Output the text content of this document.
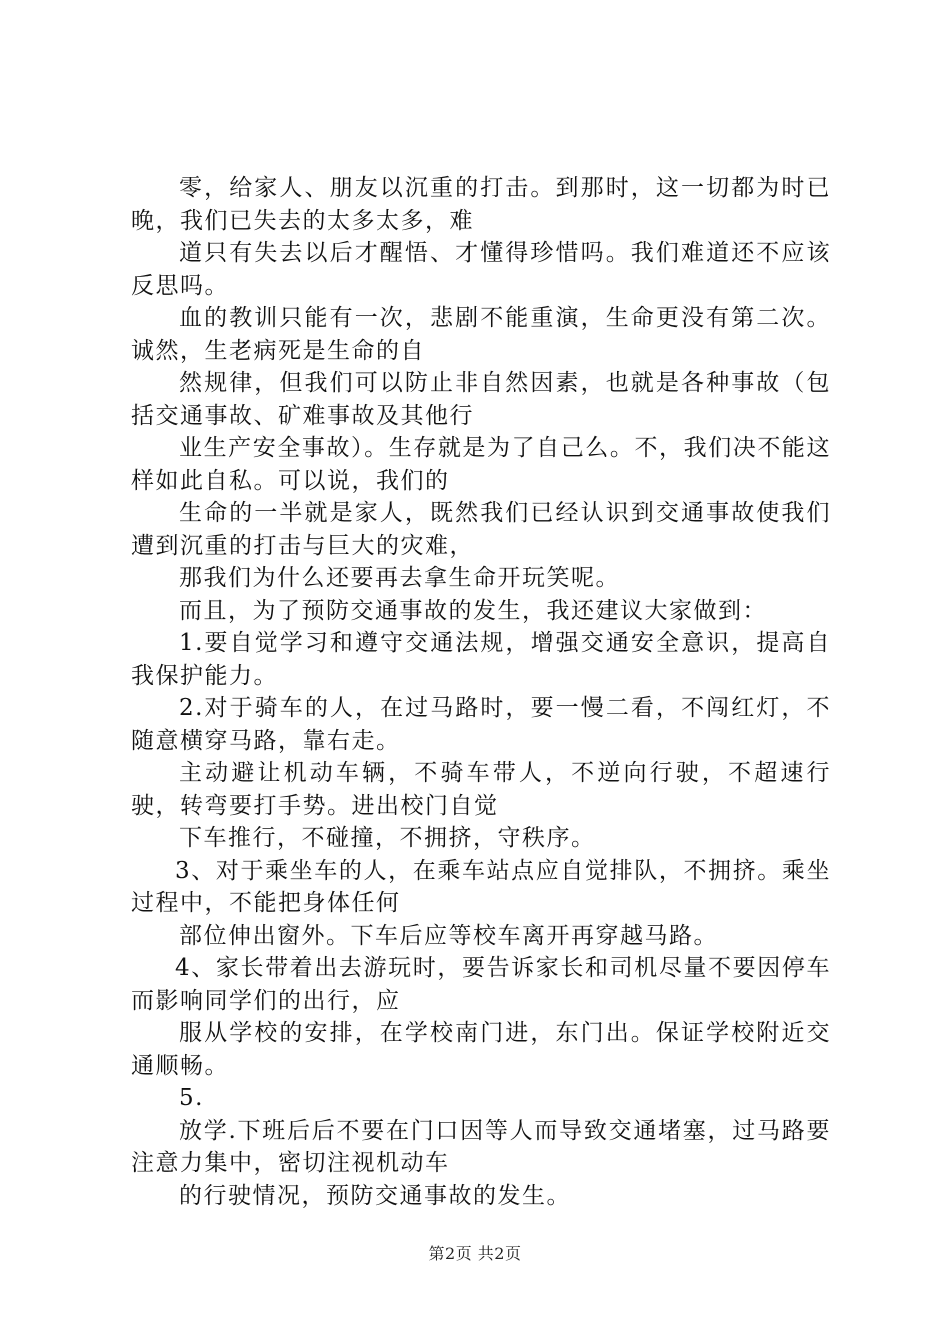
零，给家人、朋友以沉重的打击。到那时，这一切都为时已晚，我们已失去的太多太多，难

道只有失去以后才醒悟、才懂得珍惜吗。我们难道还不应该反思吗。

血的教训只能有一次，悲剧不能重演，生命更没有第二次。诚然，生老病死是生命的自

然规律，但我们可以防止非自然因素，也就是各种事故（包括交通事故、矿难事故及其他行

业生产安全事故）。生存就是为了自己么。不，我们决不能这样如此自私。可以说，我们的

生命的一半就是家人，既然我们已经认识到交通事故使我们遭到沉重的打击与巨大的灾难，

那我们为什么还要再去拿生命开玩笑呢。

而且，为了预防交通事故的发生，我还建议大家做到：

1.要自觉学习和遵守交通法规，增强交通安全意识，提高自我保护能力。

2.对于骑车的人，在过马路时，要一慢二看，不闯红灯，不随意横穿马路，靠右走。

主动避让机动车辆，不骑车带人，不逆向行驶，不超速行驶，转弯要打手势。进出校门自觉

下车推行，不碰撞，不拥挤，守秩序。

3、对于乘坐车的人，在乘车站点应自觉排队，不拥挤。乘坐过程中，不能把身体任何

部位伸出窗外。下车后应等校车离开再穿越马路。

4、家长带着出去游玩时，要告诉家长和司机尽量不要因停车而影响同学们的出行，应

服从学校的安排，在学校南门进，东门出。保证学校附近交通顺畅。

5.

放学.下班后后不要在门口因等人而导致交通堵塞，过马路要注意力集中，密切注视机动车

的行驶情况，预防交通事故的发生。

第2页 共2页
